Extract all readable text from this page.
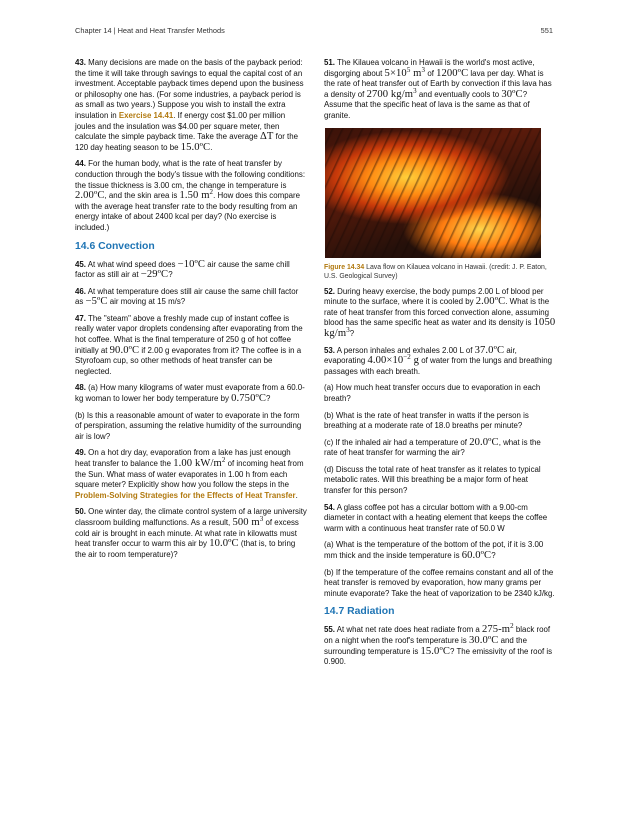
Chapter 14 | Heat and Heat Transfer Methods	551

43. Many decisions are made on the basis of the payback period: the time it will take through savings to equal the capital cost of an investment. Acceptable payback times depend upon the business or philosophy one has. (For some industries, a payback period is as small as two years.) Suppose you wish to install the extra insulation in Exercise 14.41. If energy cost $1.00 per million joules and the insulation was $4.00 per square meter, then calculate the simple payback time. Take the average ΔT for the 120 day heating season to be 15.0ºC.

44. For the human body, what is the rate of heat transfer by conduction through the body's tissue with the following conditions: the tissue thickness is 3.00 cm, the change in temperature is 2.00ºC, and the skin area is 1.50 $m^2$. How does this compare with the average heat transfer rate to the body resulting from an energy intake of about 2400 kcal per day? (No exercise is included.)

14.6 Convection

45. At what wind speed does −10ºC air cause the same chill factor as still air at −29ºC?

46. At what temperature does still air cause the same chill factor as −5ºC air moving at 15 m/s?

47. The "steam" above a freshly made cup of instant coffee is really water vapor droplets condensing after evaporating from the hot coffee. What is the final temperature of 250 g of hot coffee initially at 90.0ºC if 2.00 g evaporates from it? The coffee is in a Styrofoam cup, so other methods of heat transfer can be neglected.

48. (a) How many kilograms of water must evaporate from a 60.0-kg woman to lower her body temperature by 0.750ºC?

(b) Is this a reasonable amount of water to evaporate in the form of perspiration, assuming the relative humidity of the surrounding air is low?

49. On a hot dry day, evaporation from a lake has just enough heat transfer to balance the 1.00 $kW/m^2$ of incoming heat from the Sun. What mass of water evaporates in 1.00 h from each square meter? Explicitly show how you follow the steps in the Problem-Solving Strategies for the Effects of Heat Transfer.

50. One winter day, the climate control system of a large university classroom building malfunctions. As a result, 500 $m^3$ of excess cold air is brought in each minute. At what rate in kilowatts must heat transfer occur to warm this air by 10.0ºC (that is, to bring the air to room temperature)?

51. The Kilauea volcano in Hawaii is the world's most active, disgorging about $5\times 10^5$ $m^3$ of 1200ºC lava per day. What is the rate of heat transfer out of Earth by convection if this lava has a density of 2700 $kg/m^3$ and eventually cools to 30ºC? Assume that the specific heat of lava is the same as that of granite.

Figure 14.34 Lava flow on Kilauea volcano in Hawaii. (credit: J. P. Eaton, U.S. Geological Survey)

52. During heavy exercise, the body pumps 2.00 L of blood per minute to the surface, where it is cooled by 2.00ºC. What is the rate of heat transfer from this forced convection alone, assuming blood has the same specific heat as water and its density is 1050 $kg/m^3$?

53. A person inhales and exhales 2.00 L of 37.0ºC air, evaporating $4.00\times 10^{-2}$ g of water from the lungs and breathing passages with each breath.

(a) How much heat transfer occurs due to evaporation in each breath?

(b) What is the rate of heat transfer in watts if the person is breathing at a moderate rate of 18.0 breaths per minute?

(c) If the inhaled air had a temperature of 20.0ºC, what is the rate of heat transfer for warming the air?

(d) Discuss the total rate of heat transfer as it relates to typical metabolic rates. Will this breathing be a major form of heat transfer for this person?

54. A glass coffee pot has a circular bottom with a 9.00-cm diameter in contact with a heating element that keeps the coffee warm with a continuous heat transfer rate of 50.0 W

(a) What is the temperature of the bottom of the pot, if it is 3.00 mm thick and the inside temperature is 60.0ºC?

(b) If the temperature of the coffee remains constant and all of the heat transfer is removed by evaporation, how many grams per minute evaporate? Take the heat of vaporization to be 2340 kJ/kg.

14.7 Radiation

55. At what net rate does heat radiate from a $275-m^2$ black roof on a night when the roof's temperature is 30.0ºC and the surrounding temperature is 15.0ºC? The emissivity of the roof is 0.900.
